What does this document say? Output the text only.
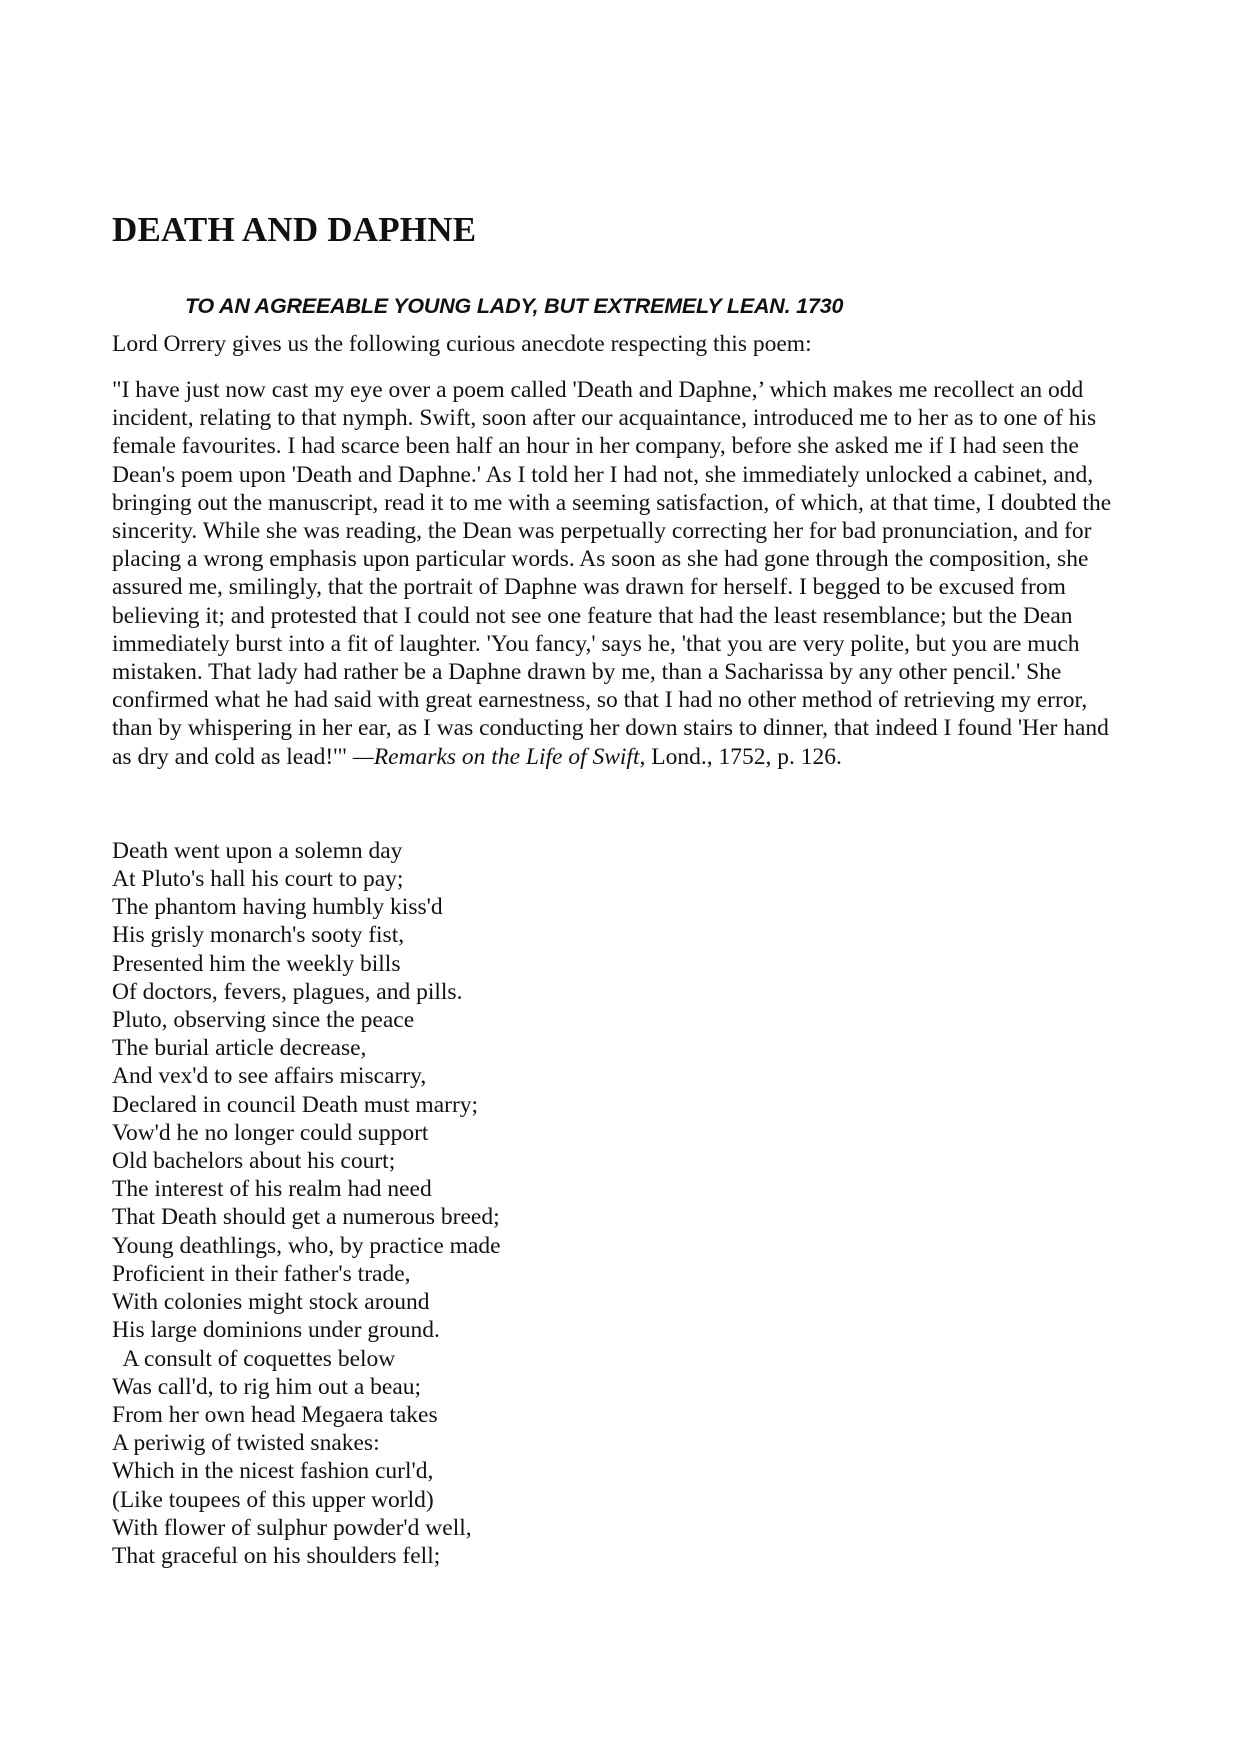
DEATH AND DAPHNE
TO AN AGREEABLE YOUNG LADY, BUT EXTREMELY LEAN. 1730

Lord Orrery gives us the following curious anecdote respecting this poem:

"I have just now cast my eye over a poem called 'Death and Daphne,’ which makes me recollect an odd incident, relating to that nymph. Swift, soon after our acquaintance, introduced me to her as to one of his female favourites. I had scarce been half an hour in her company, before she asked me if I had seen the Dean's poem upon 'Death and Daphne.' As I told her I had not, she immediately unlocked a cabinet, and, bringing out the manuscript, read it to me with a seeming satisfaction, of which, at that time, I doubted the sincerity. While she was reading, the Dean was perpetually correcting her for bad pronunciation, and for placing a wrong emphasis upon particular words. As soon as she had gone through the composition, she assured me, smilingly, that the portrait of Daphne was drawn for herself. I begged to be excused from believing it; and protested that I could not see one feature that had the least resemblance; but the Dean immediately burst into a fit of laughter. 'You fancy,' says he, 'that you are very polite, but you are much mistaken. That lady had rather be a Daphne drawn by me, than a Sacharissa by any other pencil.' She confirmed what he had said with great earnestness, so that I had no other method of retrieving my error, than by whispering in her ear, as I was conducting her down stairs to dinner, that indeed I found 'Her hand as dry and cold as lead!'" —Remarks on the Life of Swift, Lond., 1752, p. 126.

Death went upon a solemn day
At Pluto's hall his court to pay;
The phantom having humbly kiss'd
His grisly monarch's sooty fist,
Presented him the weekly bills
Of doctors, fevers, plagues, and pills.
Pluto, observing since the peace
The burial article decrease,
And vex'd to see affairs miscarry,
Declared in council Death must marry;
Vow'd he no longer could support
Old bachelors about his court;
The interest of his realm had need
That Death should get a numerous breed;
Young deathlings, who, by practice made
Proficient in their father's trade,
With colonies might stock around
His large dominions under ground.
A consult of coquettes below
Was call'd, to rig him out a beau;
From her own head Megaera takes
A periwig of twisted snakes:
Which in the nicest fashion curl'd,
(Like toupees of this upper world)
With flower of sulphur powder'd well,
That graceful on his shoulders fell;
